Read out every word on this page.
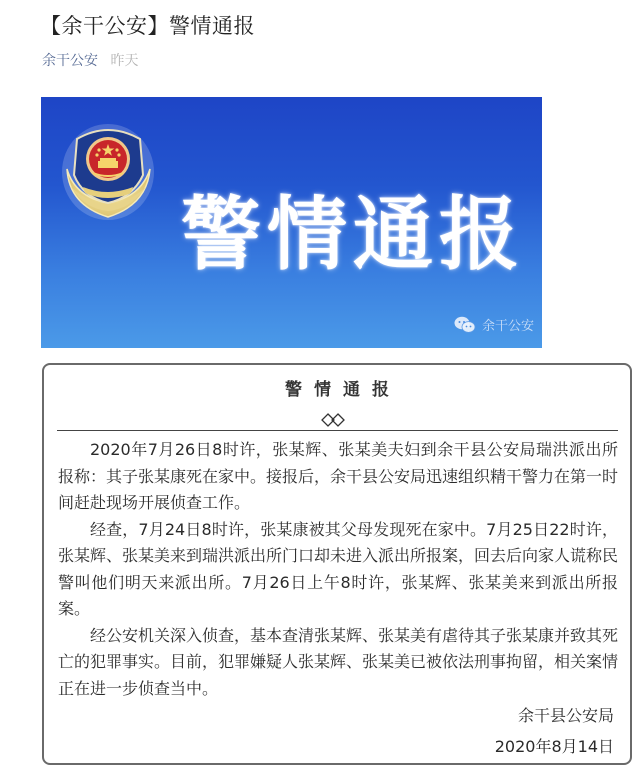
【余干公安】警情通报
余干公安 昨天
警情通报
余干公安
警情通报

2020年7月26日8时许，张某辉、张某美夫妇到余干县公安局瑞洪派出所报称：其子张某康死在家中。接报后，余干县公安局迅速组织精干警力在第一时间赶赴现场开展侦查工作。

经查，7月24日8时许，张某康被其父母发现死在家中。7月25日22时许，张某辉、张某美来到瑞洪派出所门口却未进入派出所报案，回去后向家人谎称民警叫他们明天来派出所。7月26日上午8时许，张某辉、张某美来到派出所报案。

经公安机关深入侦查，基本查清张某辉、张某美有虐待其子张某康并致其死亡的犯罪事实。目前，犯罪嫌疑人张某辉、张某美已被依法刑事拘留，相关案情正在进一步侦查当中。

余干县公安局
2020年8月14日
